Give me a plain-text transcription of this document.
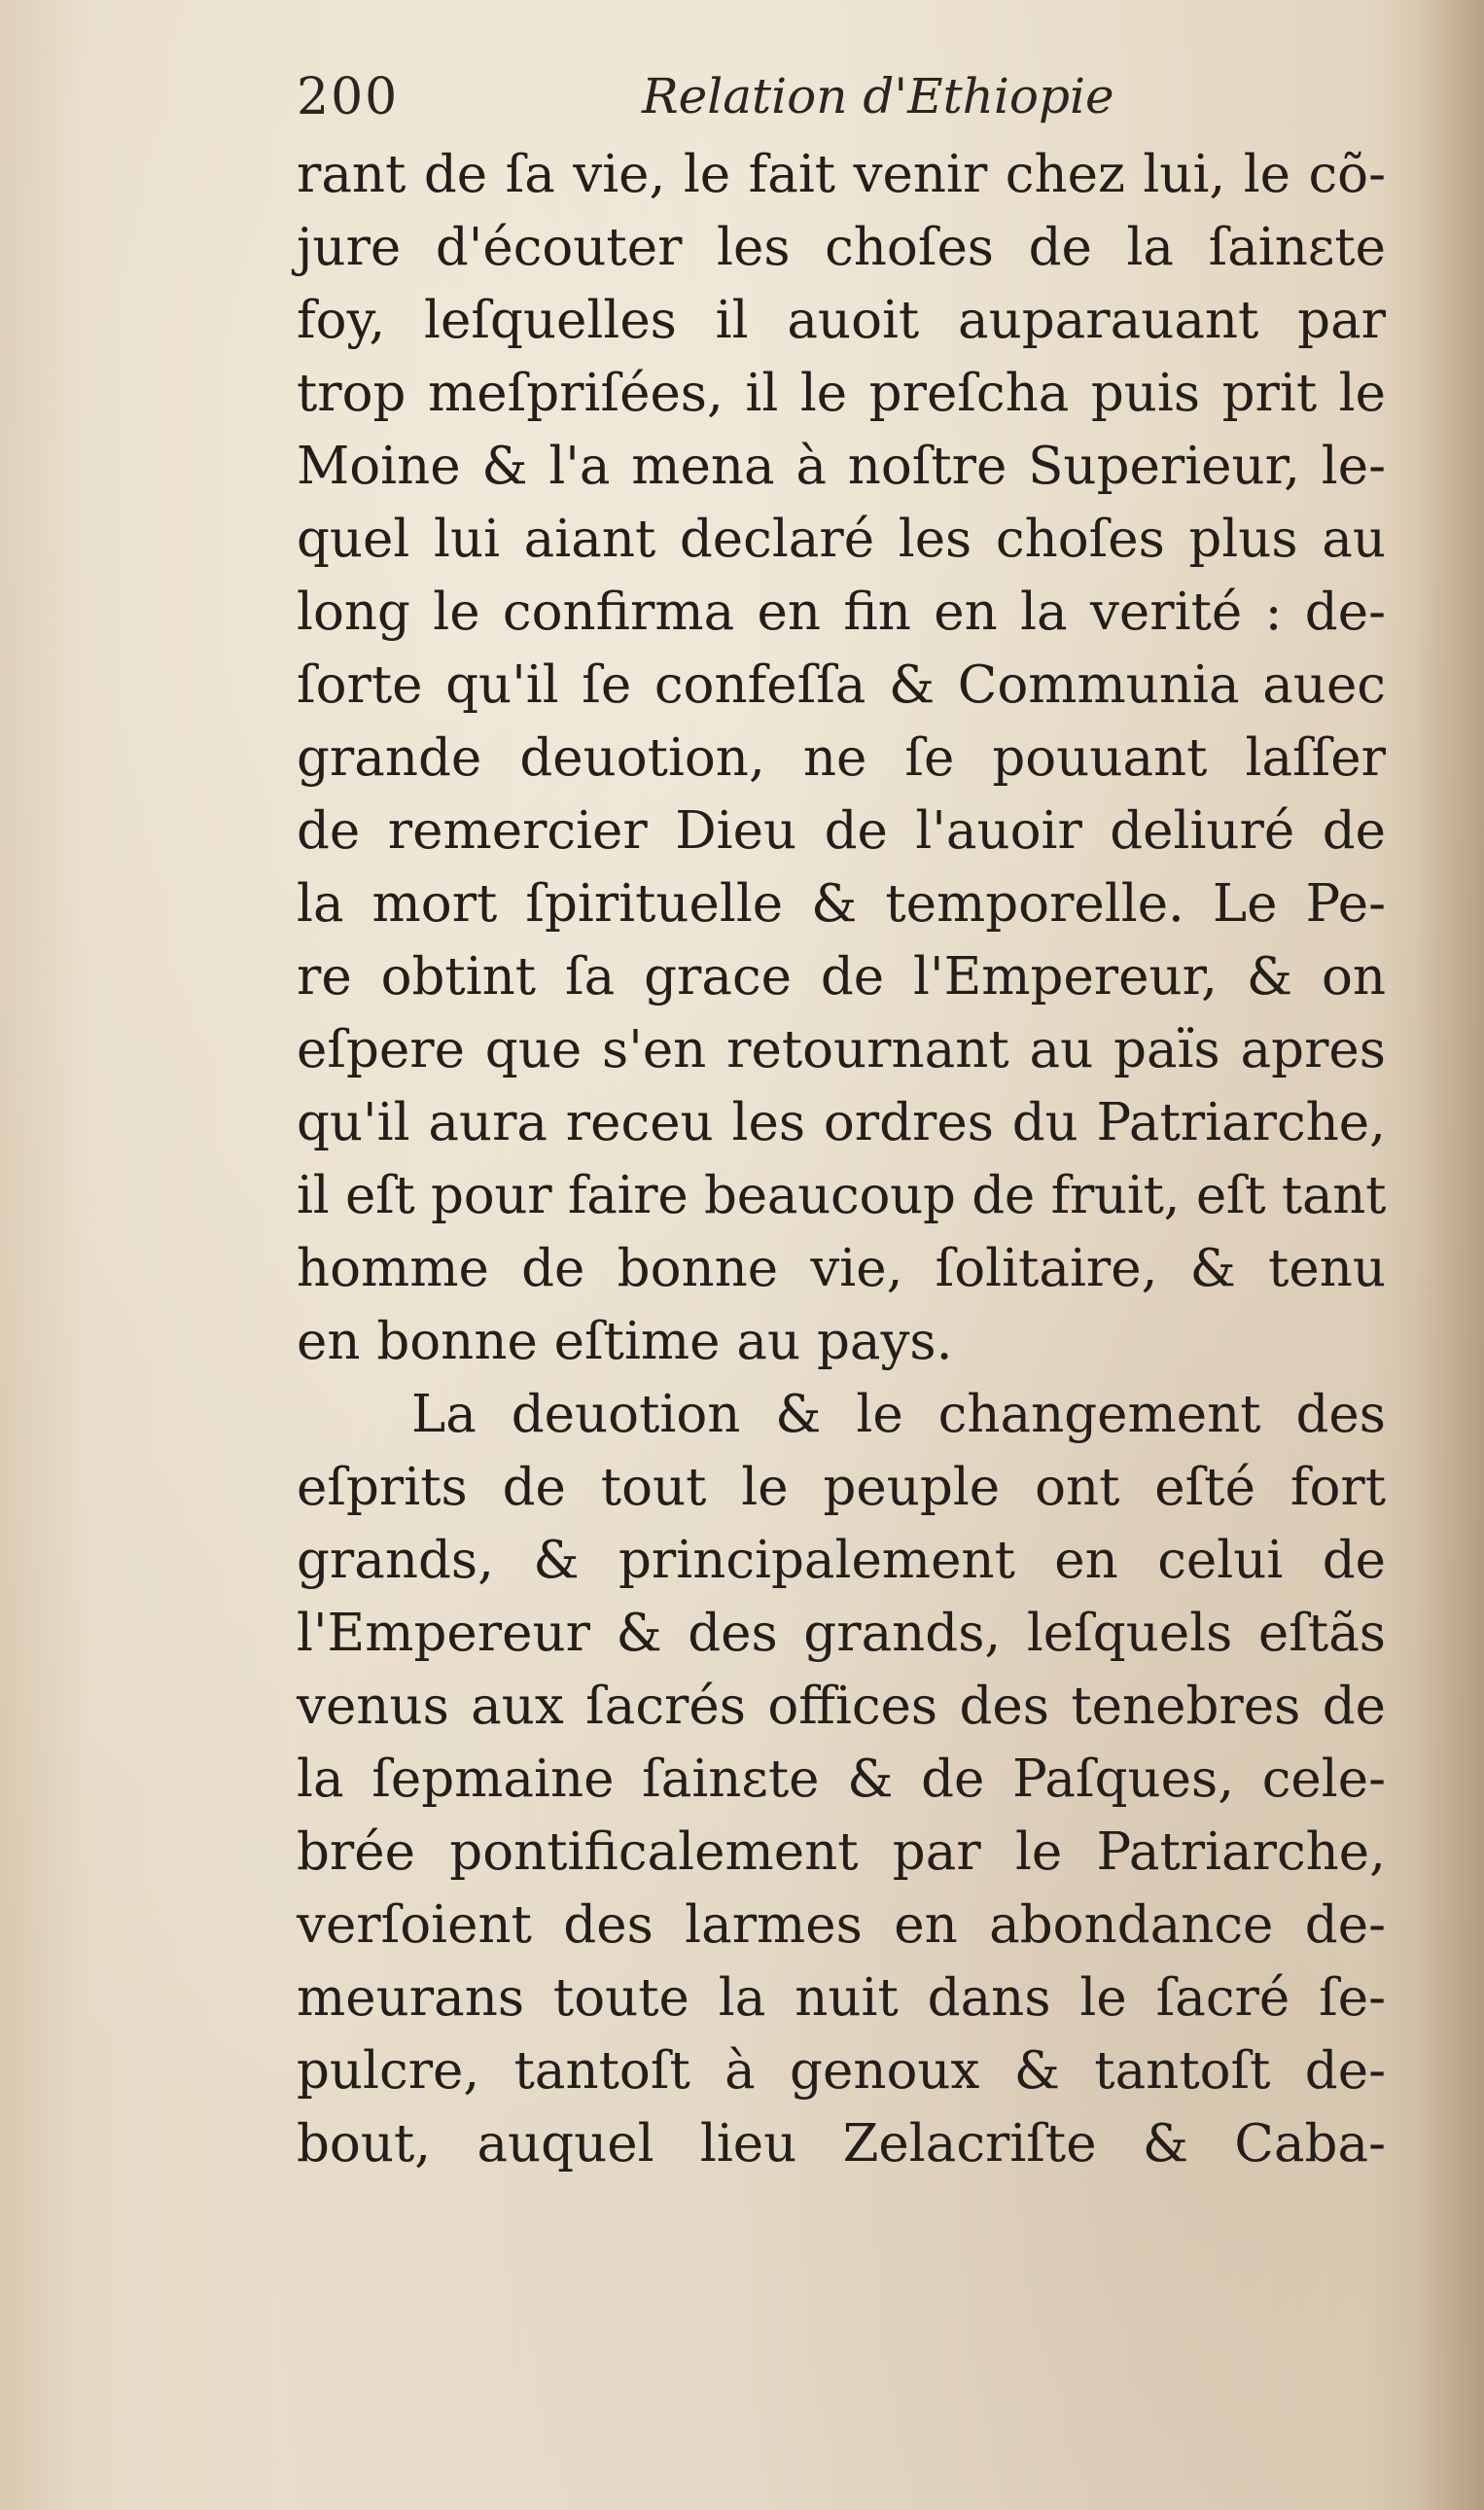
200	Relation d'Ethiopie
rant de ſa vie, le fait venir chez lui, le cõ-
jure d'écouter les choſes de la ſainɛte
foy, leſquelles il auoit auparauant par
trop meſpriſées, il le preſcha puis prit le
Moine & l'a mena à noſtre Superieur, le-
quel lui aiant declaré les choſes plus au
long le confirma en fin en la verité : de-
ſorte qu'il ſe confeſſa & Communia auec
grande deuotion, ne ſe pouuant laſſer
de remercier Dieu de l'auoir deliuré de
la mort ſpirituelle & temporelle. Le Pe-
re obtint ſa grace de l'Empereur, & on
eſpere que s'en retournant au païs apres
qu'il aura receu les ordres du Patriarche,
il eſt pour faire beaucoup de fruit, eſt tant
homme de bonne vie, ſolitaire, & tenu
en bonne eſtime au pays.
La deuotion & le changement des
eſprits de tout le peuple ont eſté fort
grands, & principalement en celui de
l'Empereur & des grands, leſquels eſtãs
venus aux ſacrés offices des tenebres de
la ſepmaine ſainɛte & de Paſques, cele-
brée pontificalement par le Patriarche,
verſoient des larmes en abondance de-
meurans toute la nuit dans le ſacré ſe-
pulcre, tantoſt à genoux & tantoſt de-
bout, auquel lieu Zelacriſte & Caba-
